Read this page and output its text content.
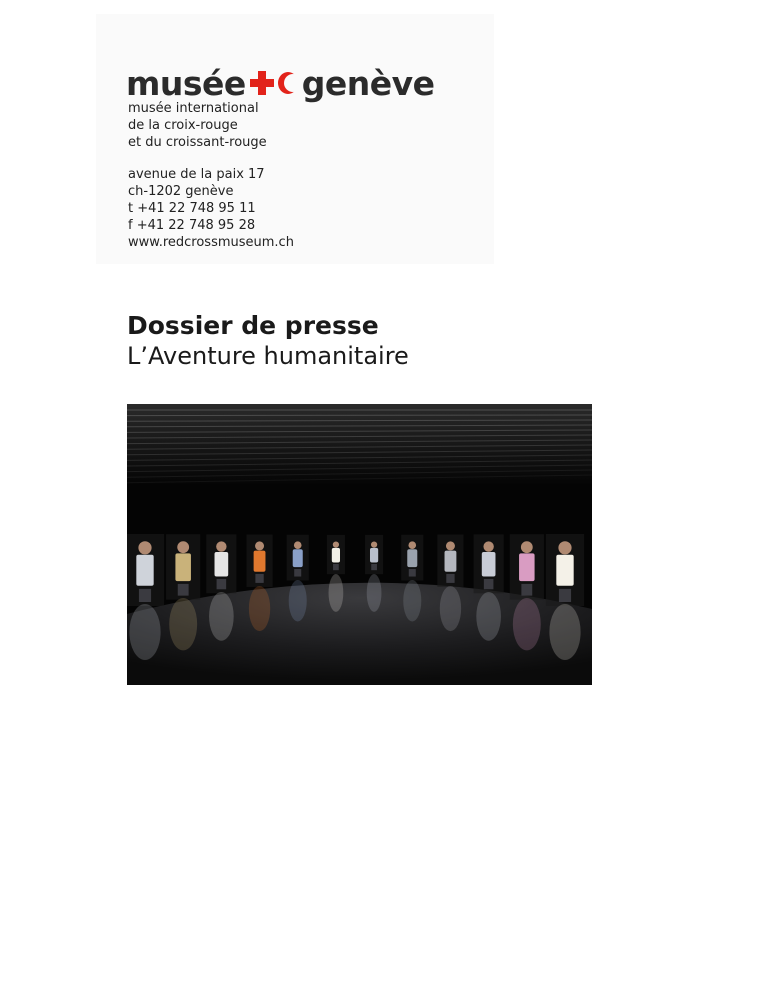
musée genève
musée international
de la croix-rouge
et du croissant-rouge
avenue de la paix 17
ch-1202 genève
t +41 22 748 95 11
f +41 22 748 95 28
www.redcrossmuseum.ch
Dossier de presse
L’Aventure humanitaire
